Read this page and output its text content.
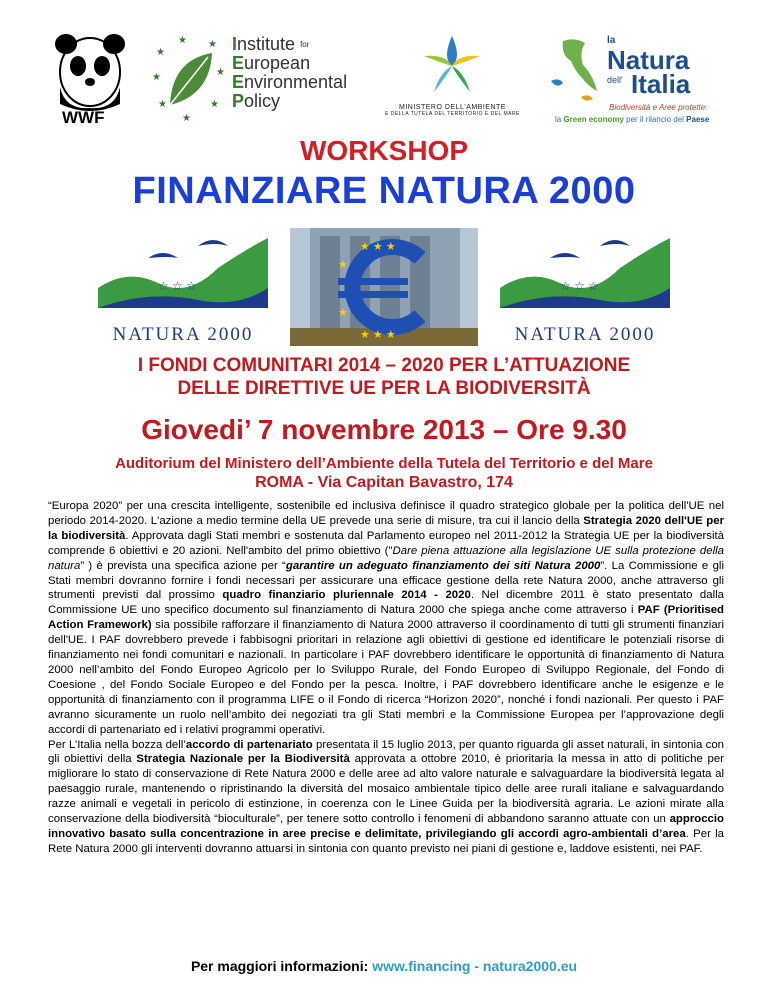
WWF
★
★ ★
★	★
★	★
★
Institute $^{for}$
European
Environmental
Policy	MINISTERO DELL'AMBIENTE
E DELLA TUTELA DEL TERRITORIO E DEL MARE
la
Natura
dell' Italia
Biodiversità e Aree protette:
la Green economy per il rilancio del Paese
WORKSHOP
FINANZIARE NATURA 2000
☆ ☆ ☆
☆ ☆
NATURA 2000
★ ★ ★
★
★
★ ★ ★
☆ ☆ ☆
☆ ☆
NATURA 2000
I FONDI COMUNITARI 2014 – 2020 PER L’ATTUAZIONE
DELLE DIRETTIVE UE PER LA BIODIVERSITÀ
Giovedi’ 7 novembre 2013 – Ore 9.30
Auditorium del Ministero dell’Ambiente della Tutela del Territorio e del Mare
ROMA - Via Capitan Bavastro, 174

“Europa 2020” per una crescita intelligente, sostenibile ed inclusiva definisce il quadro strategico globale per la politica dell'UE nel periodo 2014-2020. L'azione a medio termine della UE prevede una serie di misure, tra cui il lancio della Strategia 2020 dell'UE per la biodiversità. Approvata dagli Stati membri e sostenuta dal Parlamento europeo nel 2011-2012 la Strategia UE per la biodiversità comprende 6 obiettivi e 20 azioni. Nell'ambito del primo obiettivo ("Dare piena attuazione alla legislazione UE sulla protezione della natura” ) è prevista una specifica azione per “garantire un adeguato finanziamento dei siti Natura 2000”. La Commissione e gli Stati membri dovranno fornire i fondi necessari per assicurare una efficace gestione della rete Natura 2000, anche attraverso gli strumenti previsti dal prossimo quadro finanziario pluriennale 2014 - 2020. Nel dicembre 2011 è stato presentato dalla Commissione UE uno specifico documento sul finanziamento di Natura 2000 che spiega anche come attraverso i PAF (Prioritised Action Framework) sia possibile rafforzare il finanziamento di Natura 2000 attraverso il coordinamento di tutti gli strumenti finanziari dell'UE. I PAF dovrebbero prevede i fabbisogni prioritari in relazione agli obiettivi di gestione ed identificare le potenziali risorse di finanziamento nei fondi comunitari e nazionali. In particolare i PAF dovrebbero identificare le opportunità di finanziamento di Natura 2000 nell’ambito del Fondo Europeo Agricolo per lo Sviluppo Rurale, del Fondo Europeo di Sviluppo Regionale, del Fondo di Coesione , del Fondo Sociale Europeo e del Fondo per la pesca. Inoltre, i PAF dovrebbero identificare anche le esigenze e le opportunità di finanziamento con il programma LIFE o il Fondo di ricerca “Horizon 2020”, nonché i fondi nazionali. Per questo i PAF avranno sicuramente un ruolo nell’ambito dei negoziati tra gli Stati membri e la Commissione Europea per l’approvazione degli accordi di partenariato ed i relativi programmi operativi.

Per L’Italia nella bozza dell’accordo di partenariato presentata il 15 luglio 2013, per quanto riguarda gli asset naturali, in sintonia con gli obiettivi della Strategia Nazionale per la Biodiversità approvata a ottobre 2010, è prioritaria la messa in atto di politiche per migliorare lo stato di conservazione di Rete Natura 2000 e delle aree ad alto valore naturale e salvaguardare la biodiversità legata al paesaggio rurale, mantenendo o ripristinando la diversità del mosaico ambientale tipico delle aree rurali italiane e salvaguardando razze animali e vegetali in pericolo di estinzione, in coerenza con le Linee Guida per la biodiversità agraria. Le azioni mirate alla conservazione della biodiversità “bioculturale”, per tenere sotto controllo i fenomeni di abbandono saranno attuate con un approccio innovativo basato sulla concentrazione in aree precise e delimitate, privilegiando gli accordi agro-ambientali d’area. Per la Rete Natura 2000 gli interventi dovranno attuarsi in sintonia con quanto previsto nei piani di gestione e, laddove esistenti, nei PAF.

Per maggiori informazioni: www.financing - natura2000.eu
